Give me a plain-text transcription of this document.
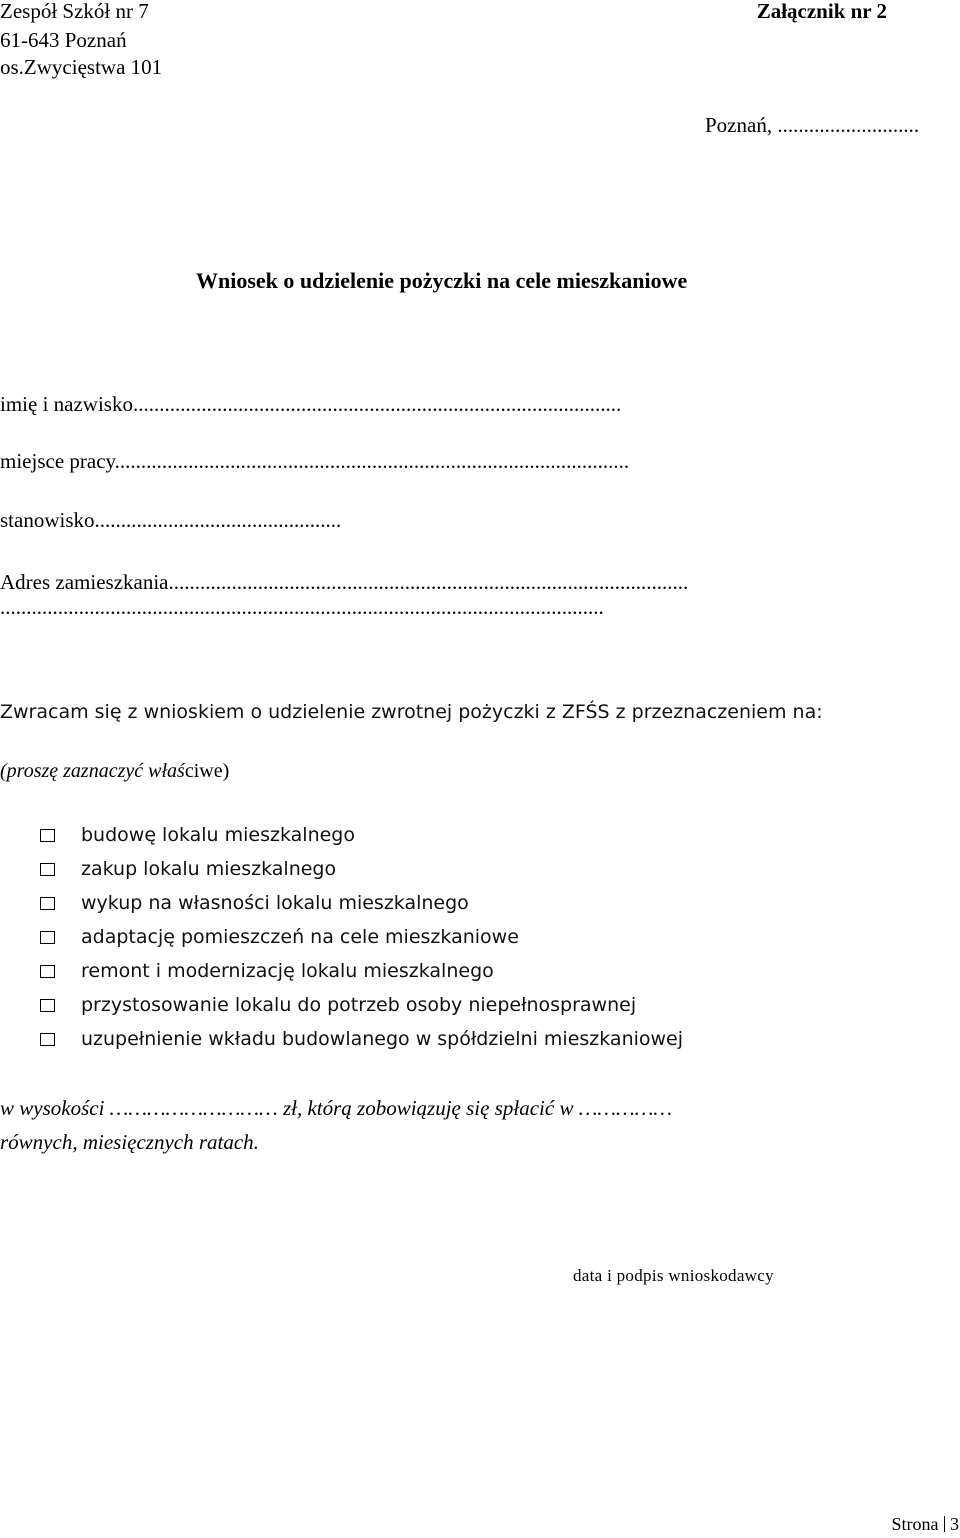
Zespół Szkół nr 7
61-643 Poznań
os.Zwycięstwa 101
Załącznik nr 2
Poznań, ...........................
Wniosek o udzielenie pożyczki na cele mieszkaniowe
imię i nazwisko.............................................................................................
miejsce pracy..................................................................................................
stanowisko...............................................
Adres zamieszkania...................................................................................................
...................................................................................................................
Zwracam się z wnioskiem o udzielenie zwrotnej pożyczki z ZFŚS z przeznaczeniem na:
(proszę zaznaczyć właściwe)
budowę lokalu mieszkalnego
zakup lokalu mieszkalnego
wykup na własności lokalu mieszkalnego
adaptację pomieszczeń na cele mieszkaniowe
remont i modernizację lokalu mieszkalnego
przystosowanie lokalu do potrzeb osoby niepełnosprawnej
uzupełnienie wkładu budowlanego w spółdzielni mieszkaniowej
w wysokości ……………………… zł, którą zobowiązuję się spłacić w ……………
równych, miesięcznych ratach.
data i podpis wnioskodawcy
Strona 3
